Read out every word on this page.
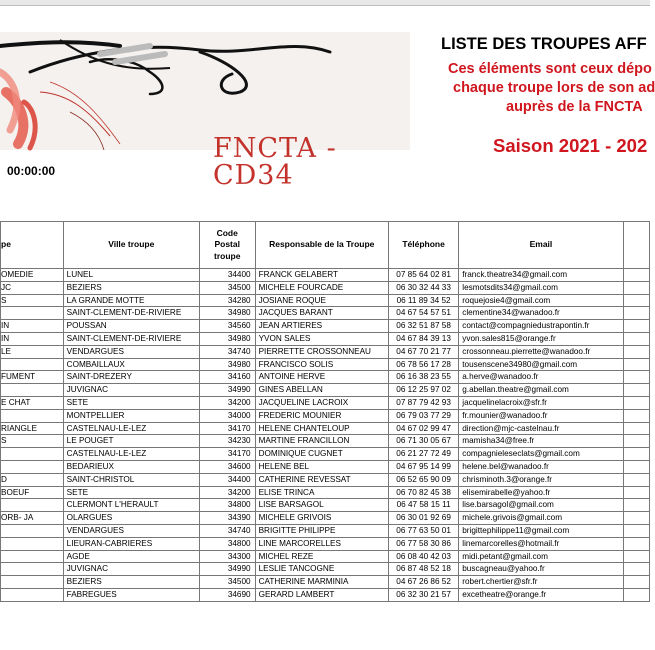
FNCTA - CD34
LISTE DES TROUPES AFF
Ces éléments sont ceux dépo
chaque troupe lors de son ad
auprès de la FNCTA
Saison 2021 - 202
00:00:00
pe	Ville troupe	Code Postal troupe	Responsable de la Troupe	Téléphone	Email	
OMEDIE	LUNEL	34400	FRANCK GELABERT	07 85 64 02 81	franck.theatre34@gmail.com	
JC	BEZIERS	34500	MICHELE FOURCADE	06 30 32 44 33	lesmotsdits34@gmail.com	
S	LA GRANDE MOTTE	34280	JOSIANE ROQUE	06 11 89 34 52	roquejosie4@gmail.com	
	SAINT-CLEMENT-DE-RIVIERE	34980	JACQUES BARANT	04 67 54 57 51	clementine34@wanadoo.fr	
IN	POUSSAN	34560	JEAN ARTIERES	06 32 51 87 58	contact@compagniedustrapontin.fr	
IN	SAINT-CLEMENT-DE-RIVIERE	34980	YVON SALES	04 67 84 39 13	yvon.sales815@orange.fr	
LE	VENDARGUES	34740	PIERRETTE CROSSONNEAU	04 67 70 21 77	crossonneau.pierrette@wanadoo.fr	
	COMBAILLAUX	34980	FRANCISCO SOLIS	06 78 56 17 28	tousenscene34980@gmail.com	
FUMENT	SAINT-DREZERY	34160	ANTOINE HERVE	06 16 38 23 55	a.herve@wanadoo.fr	
	JUVIGNAC	34990	GINES ABELLAN	06 12 25 97 02	g.abellan.theatre@gmail.com	
E CHAT	SETE	34200	JACQUELINE LACROIX	07 87 79 42 93	jacquelinelacroix@sfr.fr	
	MONTPELLIER	34000	FREDERIC MOUNIER	06 79 03 77 29	fr.mounier@wanadoo.fr	
RIANGLE	CASTELNAU-LE-LEZ	34170	HELENE CHANTELOUP	04 67 02 99 47	direction@mjc-castelnau.fr	
S	LE POUGET	34230	MARTINE FRANCILLON	06 71 30 05 67	mamisha34@free.fr	
	CASTELNAU-LE-LEZ	34170	DOMINIQUE CUGNET	06 21 27 72 49	compagnieleseclats@gmail.com	
	BEDARIEUX	34600	HELENE BEL	04 67 95 14 99	helene.bel@wanadoo.fr	
D	SAINT-CHRISTOL	34400	CATHERINE REVESSAT	06 52 65 90 09	chrisminoth.3@orange.fr	
BOEUF	SETE	34200	ELISE TRINCA	06 70 82 45 38	elisemirabelle@yahoo.fr	
	CLERMONT L'HERAULT	34800	LISE BARSAGOL	06 47 58 15 11	lise.barsagol@gmail.com	
ORB- JA	OLARGUES	34390	MICHELE GRIVOIS	06 30 01 92 69	michele.grivois@gmail.com	
	VENDARGUES	34740	BRIGITTE PHILIPPE	06 77 63 50 01	brigittephilippe11@gmail.com	
	LIEURAN-CABRIERES	34800	LINE MARCORELLES	06 77 58 30 86	linemarcorelles@hotmail.fr	
	AGDE	34300	MICHEL REZE	06 08 40 42 03	midi.petant@gmail.com	
	JUVIGNAC	34990	LESLIE TANCOGNE	06 87 48 52 18	buscagneau@yahoo.fr	
	BEZIERS	34500	CATHERINE MARMINIA	04 67 26 86 52	robert.chertier@sfr.fr	
	FABREGUES	34690	GERARD LAMBERT	06 32 30 21 57	excetheatre@orange.fr	
